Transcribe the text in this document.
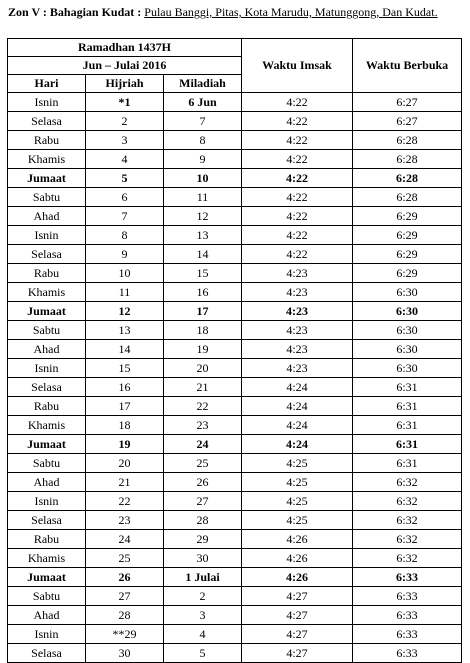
Zon V : Bahagian Kudat : Pulau Banggi, Pitas, Kota Marudu, Matunggong, Dan Kudat.
Ramadhan 1437H			Waktu Imsak	Waktu Berbuka
Jun – Julai 2016				
Hari	Hijriah	Miladiah		
Isnin	*1	6 Jun	4:22	6:27
Selasa	2	7	4:22	6:27
Rabu	3	8	4:22	6:28
Khamis	4	9	4:22	6:28
Jumaat	5	10	4:22	6:28
Sabtu	6	11	4:22	6:28
Ahad	7	12	4:22	6:29
Isnin	8	13	4:22	6:29
Selasa	9	14	4:22	6:29
Rabu	10	15	4:23	6:29
Khamis	11	16	4:23	6:30
Jumaat	12	17	4:23	6:30
Sabtu	13	18	4:23	6:30
Ahad	14	19	4:23	6:30
Isnin	15	20	4:23	6:30
Selasa	16	21	4:24	6:31
Rabu	17	22	4:24	6:31
Khamis	18	23	4:24	6:31
Jumaat	19	24	4:24	6:31
Sabtu	20	25	4:25	6:31
Ahad	21	26	4:25	6:32
Isnin	22	27	4:25	6:32
Selasa	23	28	4:25	6:32
Rabu	24	29	4:26	6:32
Khamis	25	30	4:26	6:32
Jumaat	26	1 Julai	4:26	6:33
Sabtu	27	2	4:27	6:33
Ahad	28	3	4:27	6:33
Isnin	**29	4	4:27	6:33
Selasa	30	5	4:27	6:33
